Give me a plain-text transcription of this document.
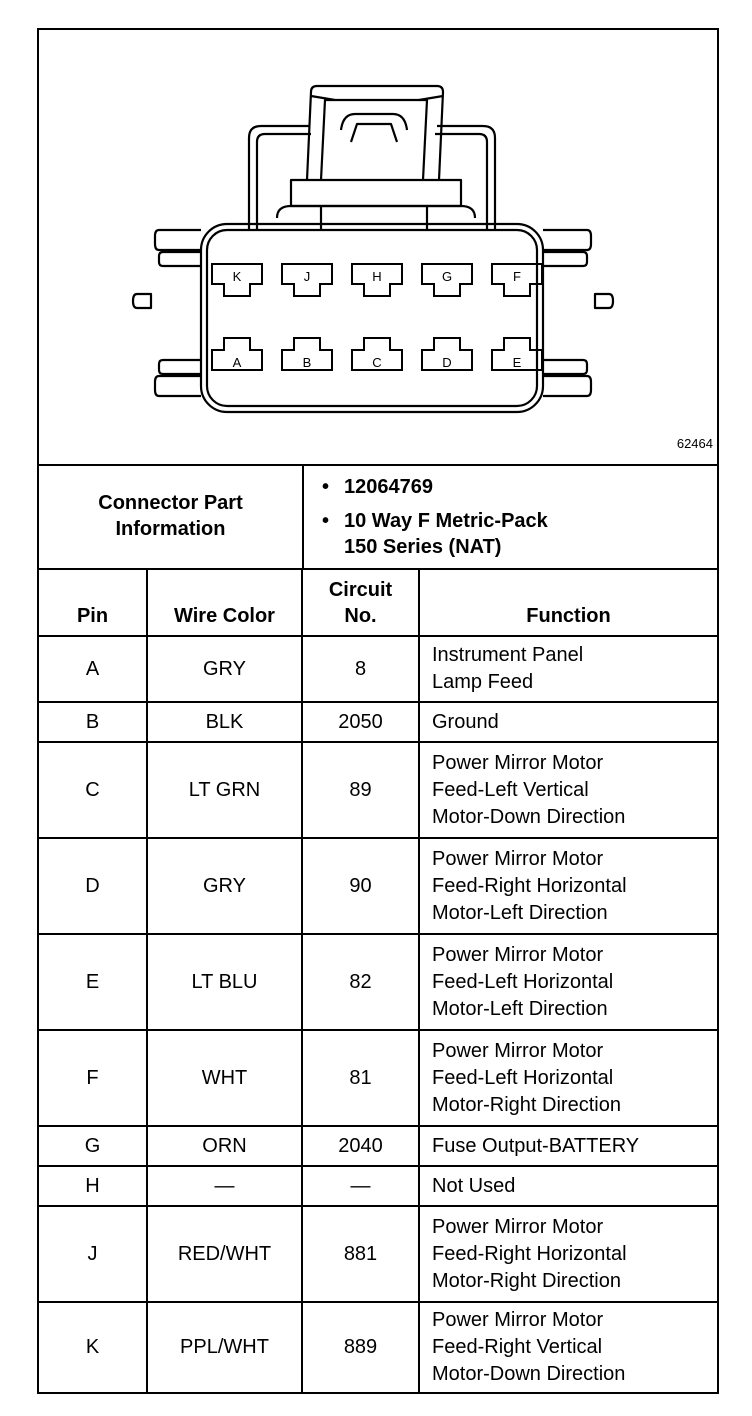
K	J	H	G	F
A	B	C	D	E
62464
Connector Part
Information
• 12064769
• 10 Way F Metric-Pack
150 Series (NAT)
Pin	Wire Color	Circuit
No.	Function
A	GRY	8	Instrument Panel
Lamp Feed

B	BLK	2050	Ground

C	LT GRN	89	Power Mirror Motor
Feed-Left Vertical
Motor-Down Direction

D	GRY	90	Power Mirror Motor
Feed-Right Horizontal
Motor-Left Direction

E	LT BLU	82	Power Mirror Motor
Feed-Left Horizontal
Motor-Left Direction

F	WHT	81	Power Mirror Motor
Feed-Left Horizontal
Motor-Right Direction

G	ORN	2040	Fuse Output-BATTERY

H	—	—	Not Used

J	RED/WHT	881	Power Mirror Motor
Feed-Right Horizontal
Motor-Right Direction

K	PPL/WHT	889	Power Mirror Motor
Feed-Right Vertical
Motor-Down Direction
